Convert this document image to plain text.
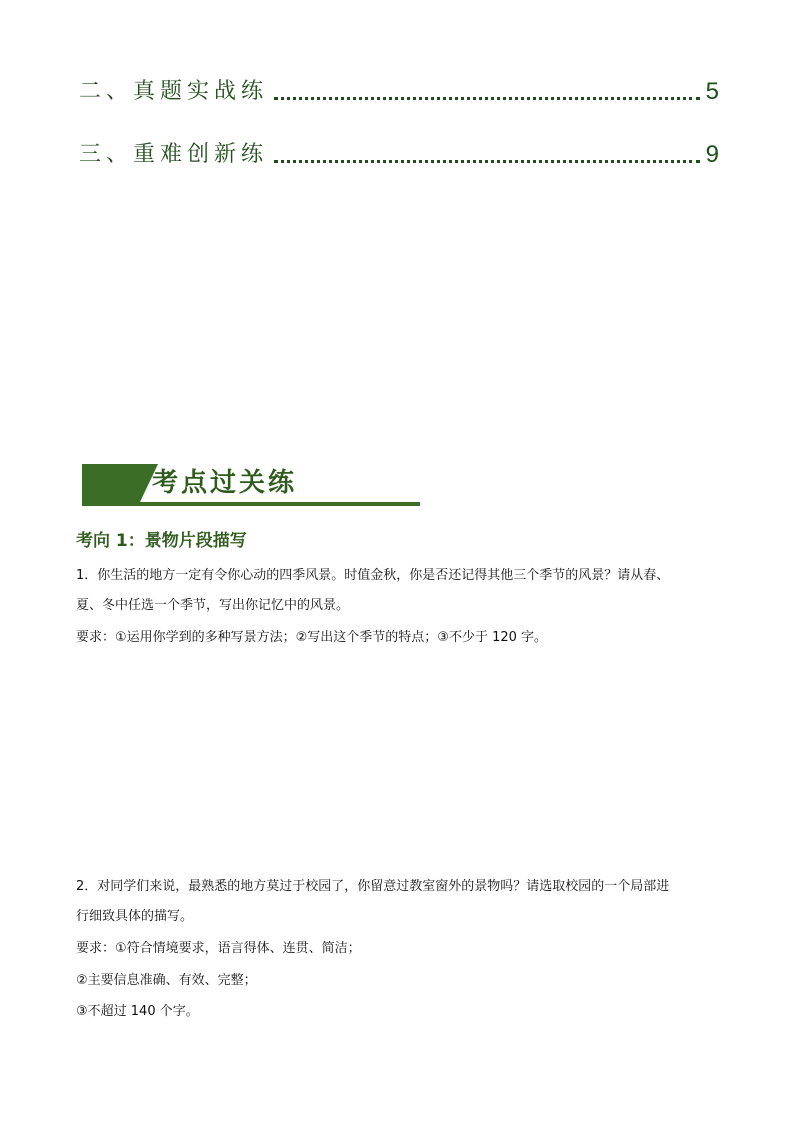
二、真题实战练	5
三、重难创新练	9
考点过关练
考向 1：景物片段描写
1．你生活的地方一定有令你心动的四季风景。时值金秋，你是否还记得其他三个季节的风景？请从春、
夏、冬中任选一个季节，写出你记忆中的风景。
要求：①运用你学到的多种写景方法；②写出这个季节的特点；③不少于 120 字。
2．对同学们来说，最熟悉的地方莫过于校园了，你留意过教室窗外的景物吗？请选取校园的一个局部进
行细致具体的描写。
要求：①符合情境要求，语言得体、连贯、简洁；
②主要信息准确、有效、完整；
③不超过 140 个字。
